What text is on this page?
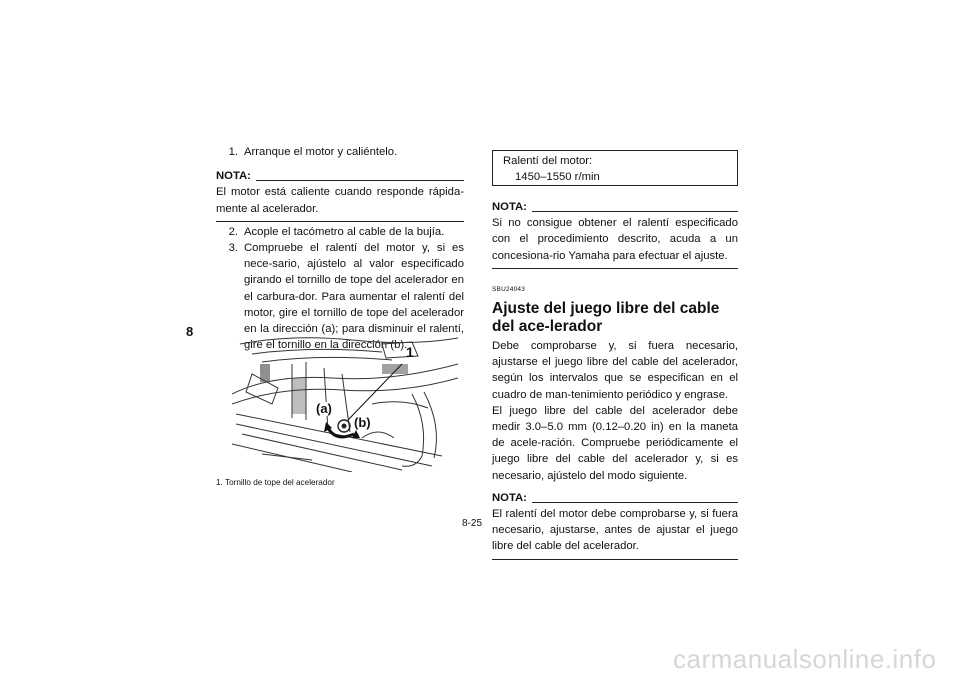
8
1. Arranque el motor y caliéntelo.
NOTA:
El motor está caliente cuando responde rápida-mente al acelerador.
2. Acople el tacómetro al cable de la bujía.
3. Compruebe el ralentí del motor y, si es nece-sario, ajústelo al valor especificado girando el tornillo de tope del acelerador en el carbura-dor. Para aumentar el ralentí del motor, gire el tornillo de tope del acelerador en la dirección (a); para disminuir el ralentí, gire el tornillo en la dirección (b).
1
(a)
(b)
1. Tornillo de tope del acelerador
Ralentí del motor:
1450–1550 r/min
NOTA:
Si no consigue obtener el ralentí especificado con el procedimiento descrito, acuda a un concesiona-rio Yamaha para efectuar el ajuste.
SBU24043
Ajuste del juego libre del cable del ace-lerador
Debe comprobarse y, si fuera necesario, ajustarse el juego libre del cable del acelerador, según los intervalos que se especifican en el cuadro de man-tenimiento periódico y engrase.
El juego libre del cable del acelerador debe medir 3.0–5.0 mm (0.12–0.20 in) en la maneta de acele-ración. Compruebe periódicamente el juego libre del cable del acelerador y, si es necesario, ajústelo del modo siguiente.
NOTA:
El ralentí del motor debe comprobarse y, si fuera necesario, ajustarse, antes de ajustar el juego libre del cable del acelerador.
8-25
carmanualsonline.info
